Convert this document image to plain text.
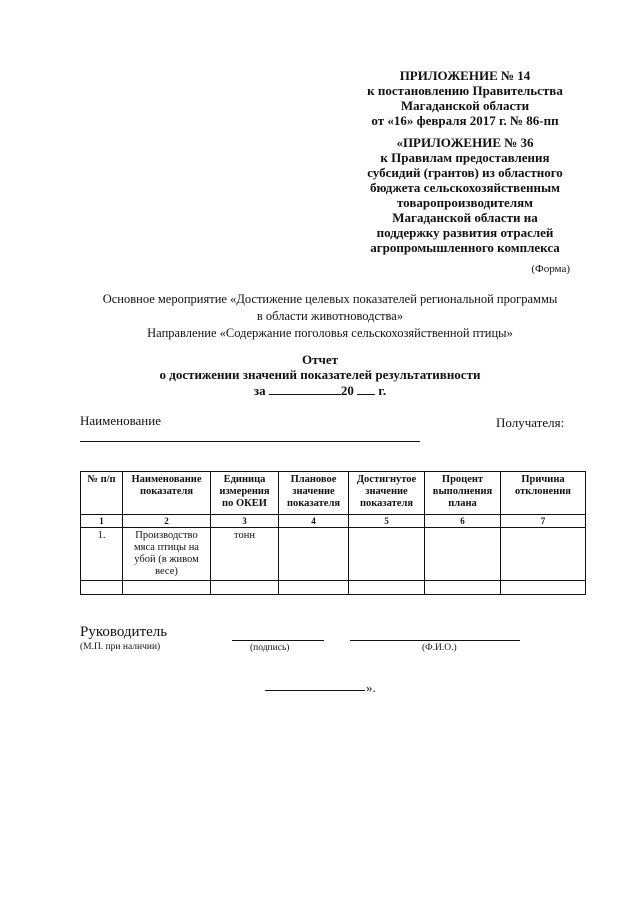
ПРИЛОЖЕНИЕ № 14
к постановлению Правительства
Магаданской области
от «16» февраля 2017 г. № 86-пп
«ПРИЛОЖЕНИЕ № 36
к Правилам предоставления
субсидий (грантов) из областного
бюджета сельскохозяйственным
товаропроизводителям
Магаданской области на
поддержку развития отраслей
агропромышленного комплекса
(Форма)
Основное мероприятие «Достижение целевых показателей региональной программы
в области животноводства»
Направление «Содержание поголовья сельскохозяйственной птицы»
Отчет
о достижении значений показателей результативности
за	20 г.
Наименование	Получателя:
№ п/п	Наименование показателя	Единица измерения по ОКЕИ	Плановое значение показателя	Достигнутое значение показателя	Процент выполнения плана	Причина отклонения
1	2	3	4	5	6	7
1.	Производство мяса птицы на убой (в живом весе)	тонн				

Руководитель
(М.П. при наличии)	(подпись)	(Ф.И.О.)
».
